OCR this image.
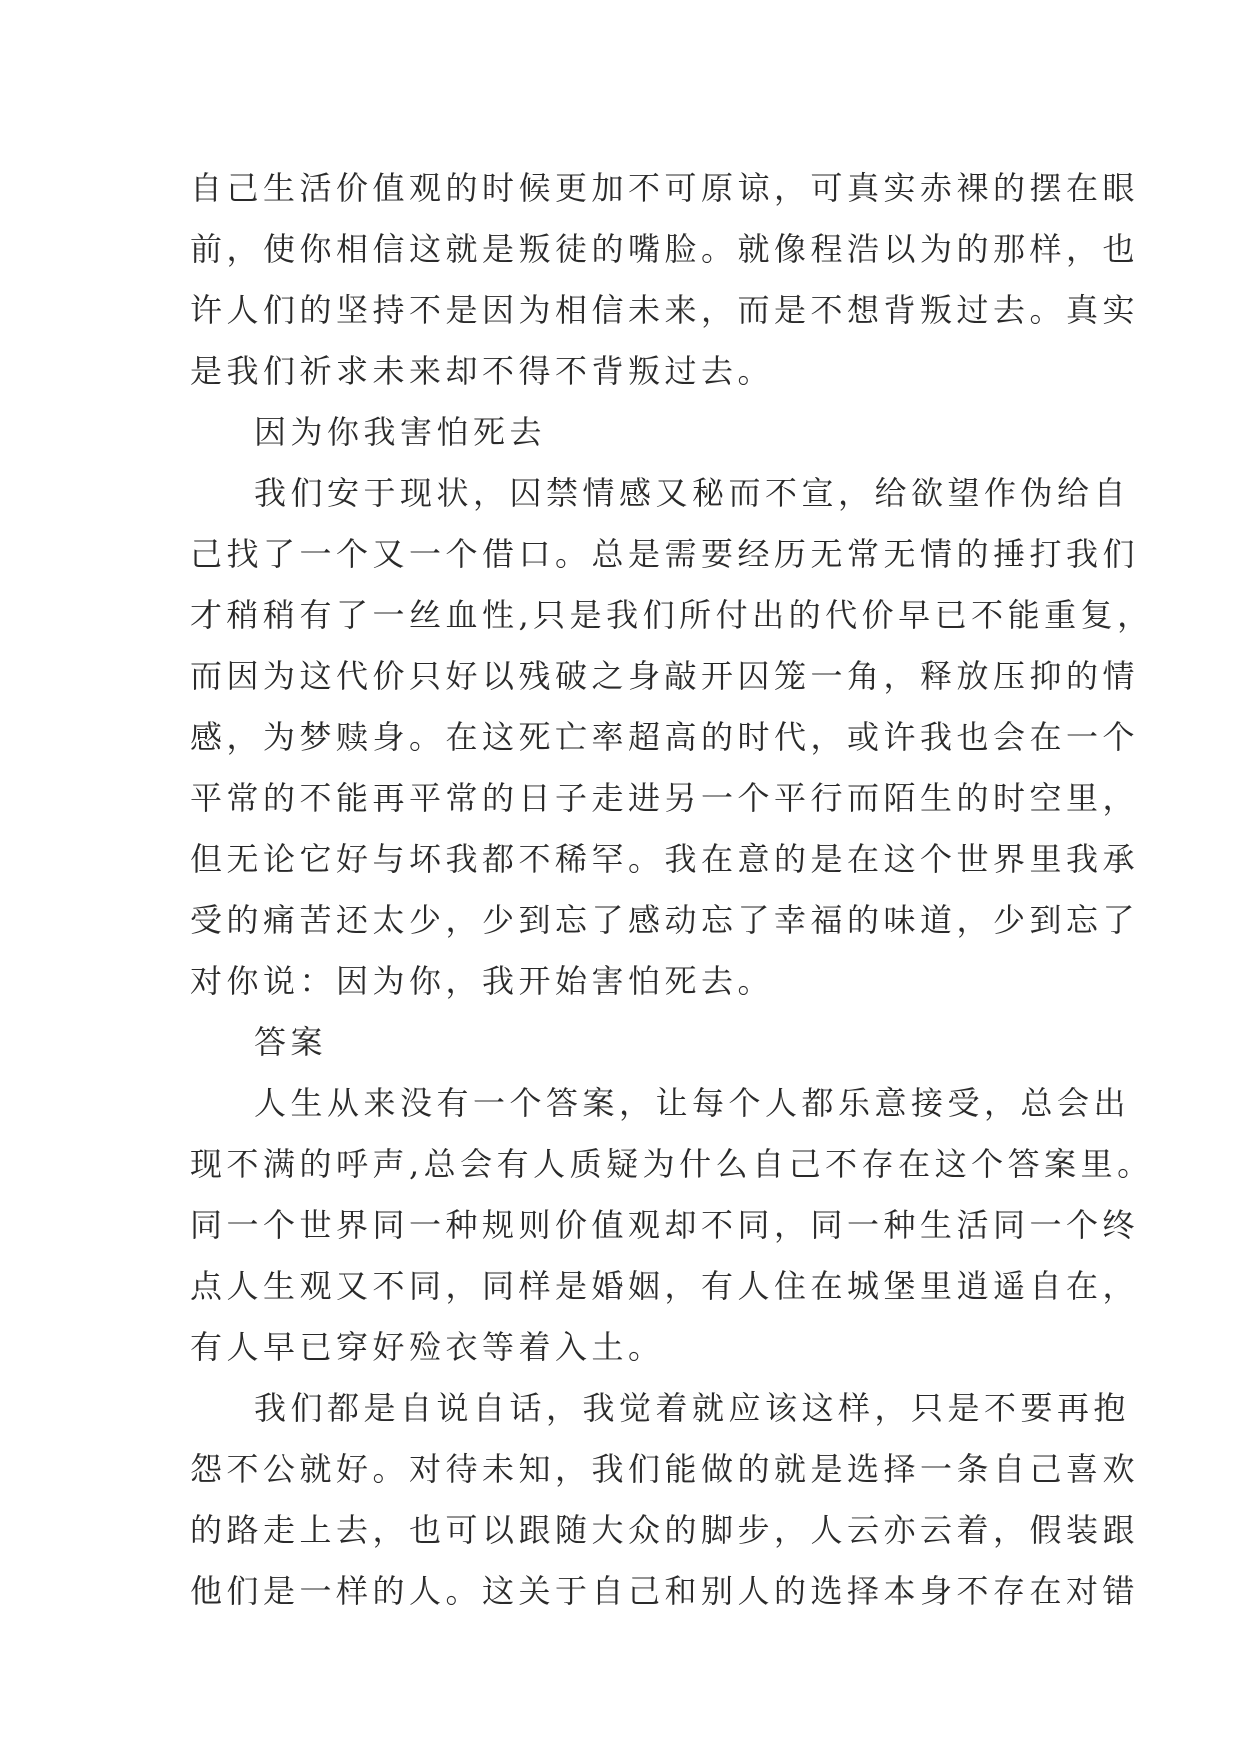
自己生活价值观的时候更加不可原谅，可真实赤裸的摆在眼
前，使你相信这就是叛徒的嘴脸。就像程浩以为的那样，也
许人们的坚持不是因为相信未来，而是不想背叛过去。真实
是我们祈求未来却不得不背叛过去。
因为你我害怕死去
我们安于现状，囚禁情感又秘而不宣，给欲望作伪给自
己找了一个又一个借口。总是需要经历无常无情的捶打我们
才稍稍有了一丝血性,只是我们所付出的代价早已不能重复，
而因为这代价只好以残破之身敲开囚笼一角，释放压抑的情
感，为梦赎身。在这死亡率超高的时代，或许我也会在一个
平常的不能再平常的日子走进另一个平行而陌生的时空里，
但无论它好与坏我都不稀罕。我在意的是在这个世界里我承
受的痛苦还太少，少到忘了感动忘了幸福的味道，少到忘了
对你说：因为你，我开始害怕死去。
答案
人生从来没有一个答案，让每个人都乐意接受，总会出
现不满的呼声,总会有人质疑为什么自己不存在这个答案里。
同一个世界同一种规则价值观却不同，同一种生活同一个终
点人生观又不同，同样是婚姻，有人住在城堡里逍遥自在，
有人早已穿好殓衣等着入土。
我们都是自说自话，我觉着就应该这样，只是不要再抱
怨不公就好。对待未知，我们能做的就是选择一条自己喜欢
的路走上去，也可以跟随大众的脚步，人云亦云着，假装跟
他们是一样的人。这关于自己和别人的选择本身不存在对错
